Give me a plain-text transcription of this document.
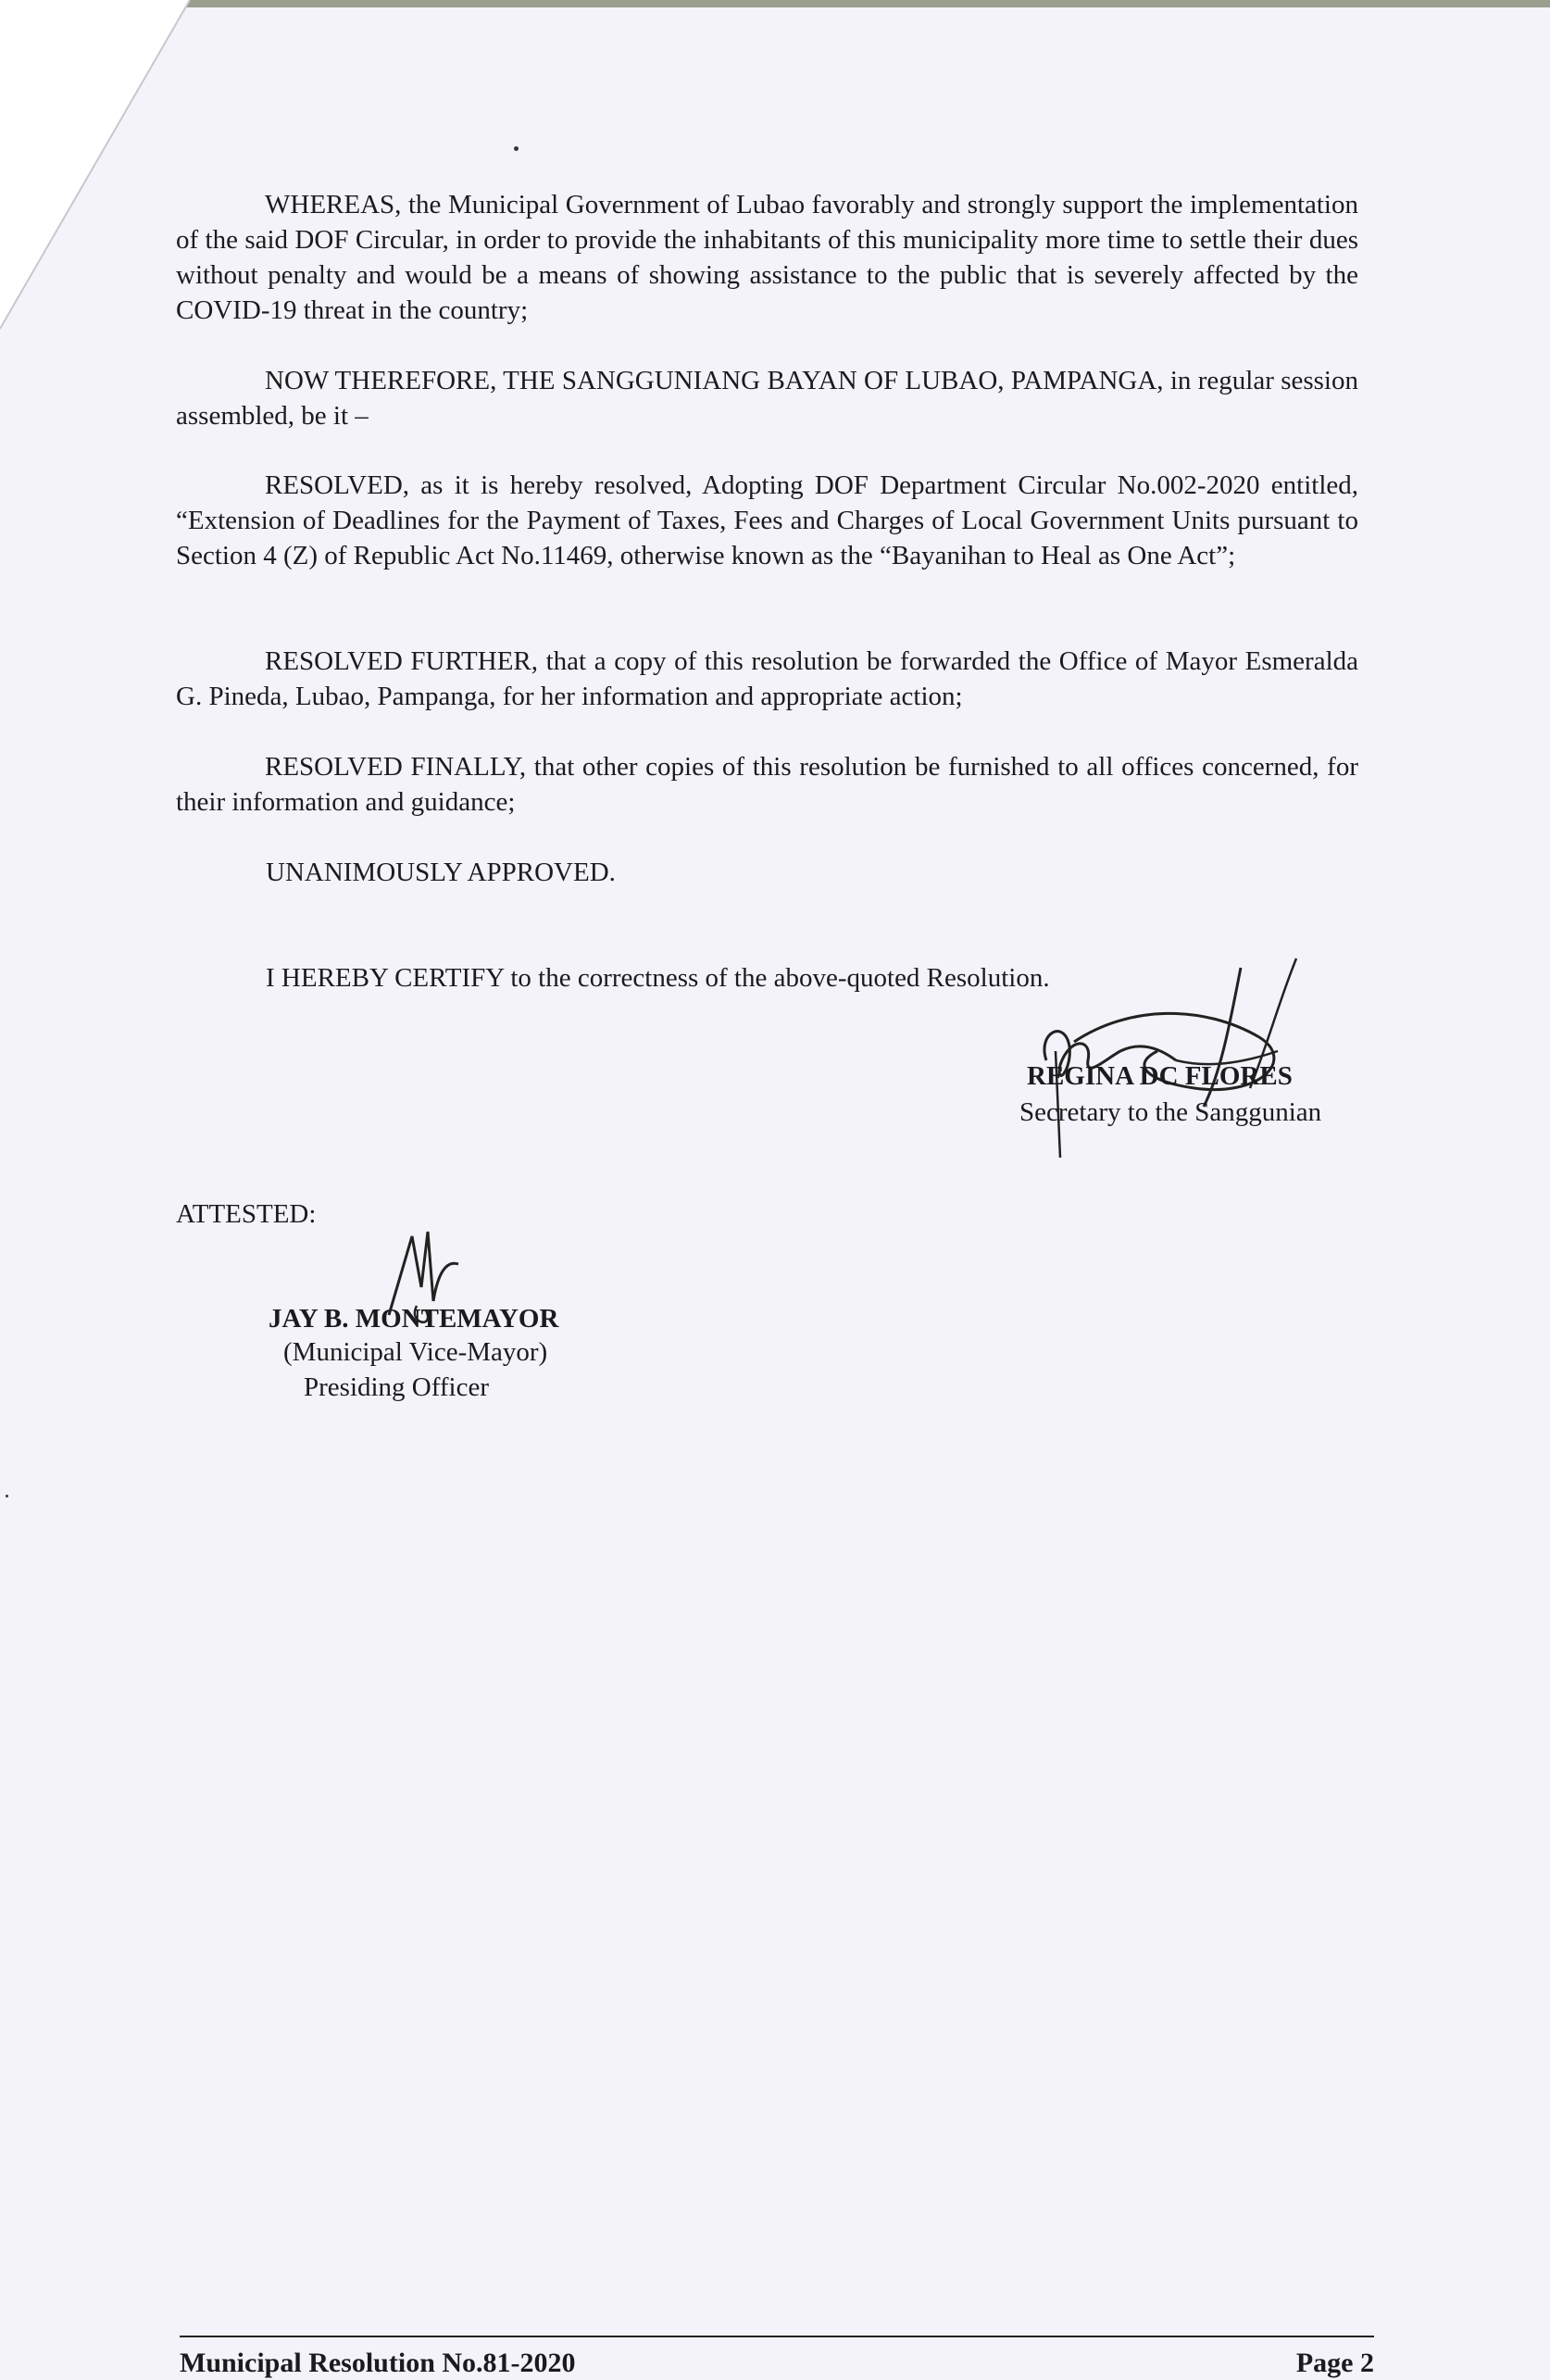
WHEREAS, the Municipal Government of Lubao favorably and strongly support the implementation of the said DOF Circular, in order to provide the inhabitants of this municipality more time to settle their dues without penalty and would be a means of showing assistance to the public that is severely affected by the COVID-19 threat in the country;

NOW THEREFORE, THE SANGGUNIANG BAYAN OF LUBAO, PAMPANGA, in regular session assembled, be it –

RESOLVED, as it is hereby resolved, Adopting DOF Department Circular No.002-2020 entitled, “Extension of Deadlines for the Payment of Taxes, Fees and Charges of Local Government Units pursuant to Section 4 (Z) of Republic Act No.11469, otherwise known as the “Bayanihan to Heal as One Act”;

RESOLVED FURTHER, that a copy of this resolution be forwarded the Office of Mayor Esmeralda G. Pineda, Lubao, Pampanga, for her information and appropriate action;

RESOLVED FINALLY, that other copies of this resolution be furnished to all offices concerned, for their information and guidance;

UNANIMOUSLY APPROVED.
I HEREBY CERTIFY to the correctness of the above-quoted Resolution.
REGINA DC FLORES
Secretary to the Sanggunian
ATTESTED:
JAY B. MONTEMAYOR
(Municipal Vice-Mayor)
Presiding Officer
Municipal Resolution No.81-2020	Page 2
